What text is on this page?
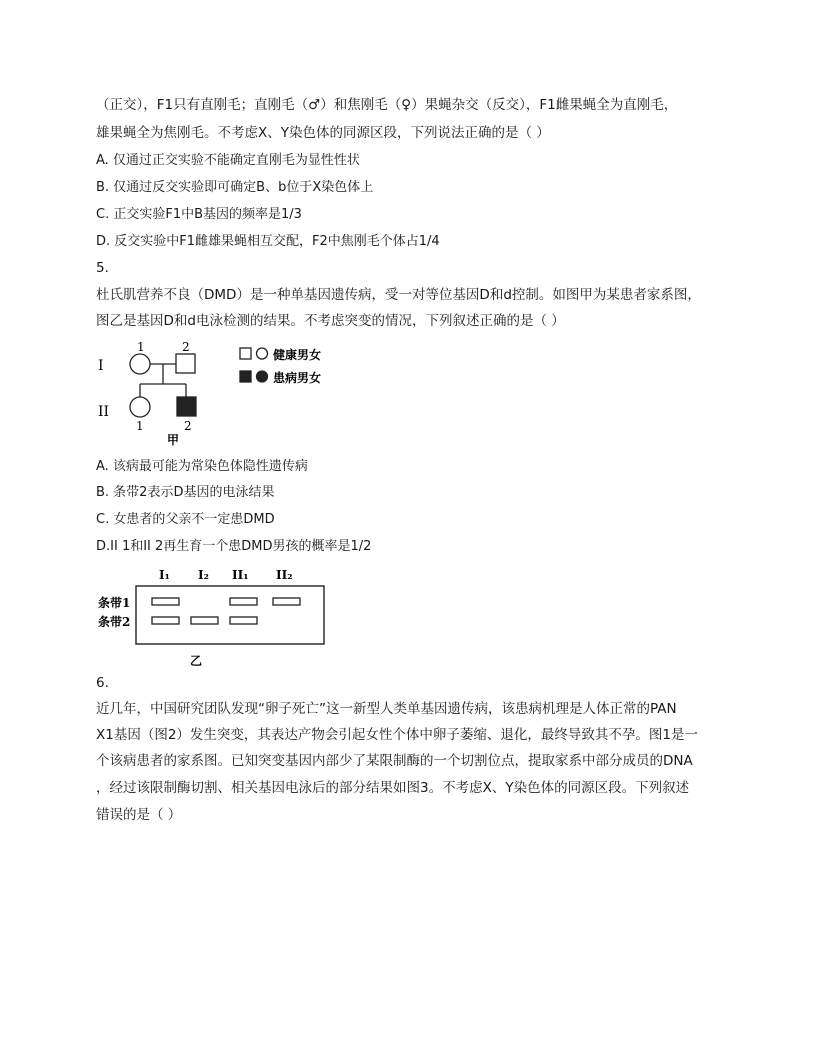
（正交），F1只有直刚毛；直刚毛（♂）和焦刚毛（♀）果蝇杂交（反交），F1雌果蝇全为直刚毛，
雄果蝇全为焦刚毛。不考虑X、Y染色体的同源区段，下列说法正确的是（ ）
A. 仅通过正交实验不能确定直刚毛为显性性状
B. 仅通过反交实验即可确定B、b位于X染色体上
C. 正交实验F1中B基因的频率是1/3
D. 反交实验中F1雌雄果蝇相互交配，F2中焦刚毛个体占1/4
5.
杜氏肌营养不良（DMD）是一种单基因遗传病，受一对等位基因D和d控制。如图甲为某患者家系图，
图乙是基因D和d电泳检测的结果。不考虑突变的情况，下列叙述正确的是（ ）
I
II
1	2
1	2
甲
健康男女
患病男女
A. 该病最可能为常染色体隐性遗传病
B. 条带2表示D基因的电泳结果
C. 女患者的父亲不一定患DMD
D.II 1和II 2再生育一个患DMD男孩的概率是1/2
I₁ I₂ II₁ II₂
条带1
条带2
乙
6.
近几年，中国研究团队发现“卵子死亡”这一新型人类单基因遗传病，该患病机理是人体正常的PAN
X1基因（图2）发生突变，其表达产物会引起女性个体中卵子萎缩、退化，最终导致其不孕。图1是一
个该病患者的家系图。已知突变基因内部少了某限制酶的一个切割位点，提取家系中部分成员的DNA
，经过该限制酶切割、相关基因电泳后的部分结果如图3。不考虑X、Y染色体的同源区段。下列叙述
错误的是（ ）
